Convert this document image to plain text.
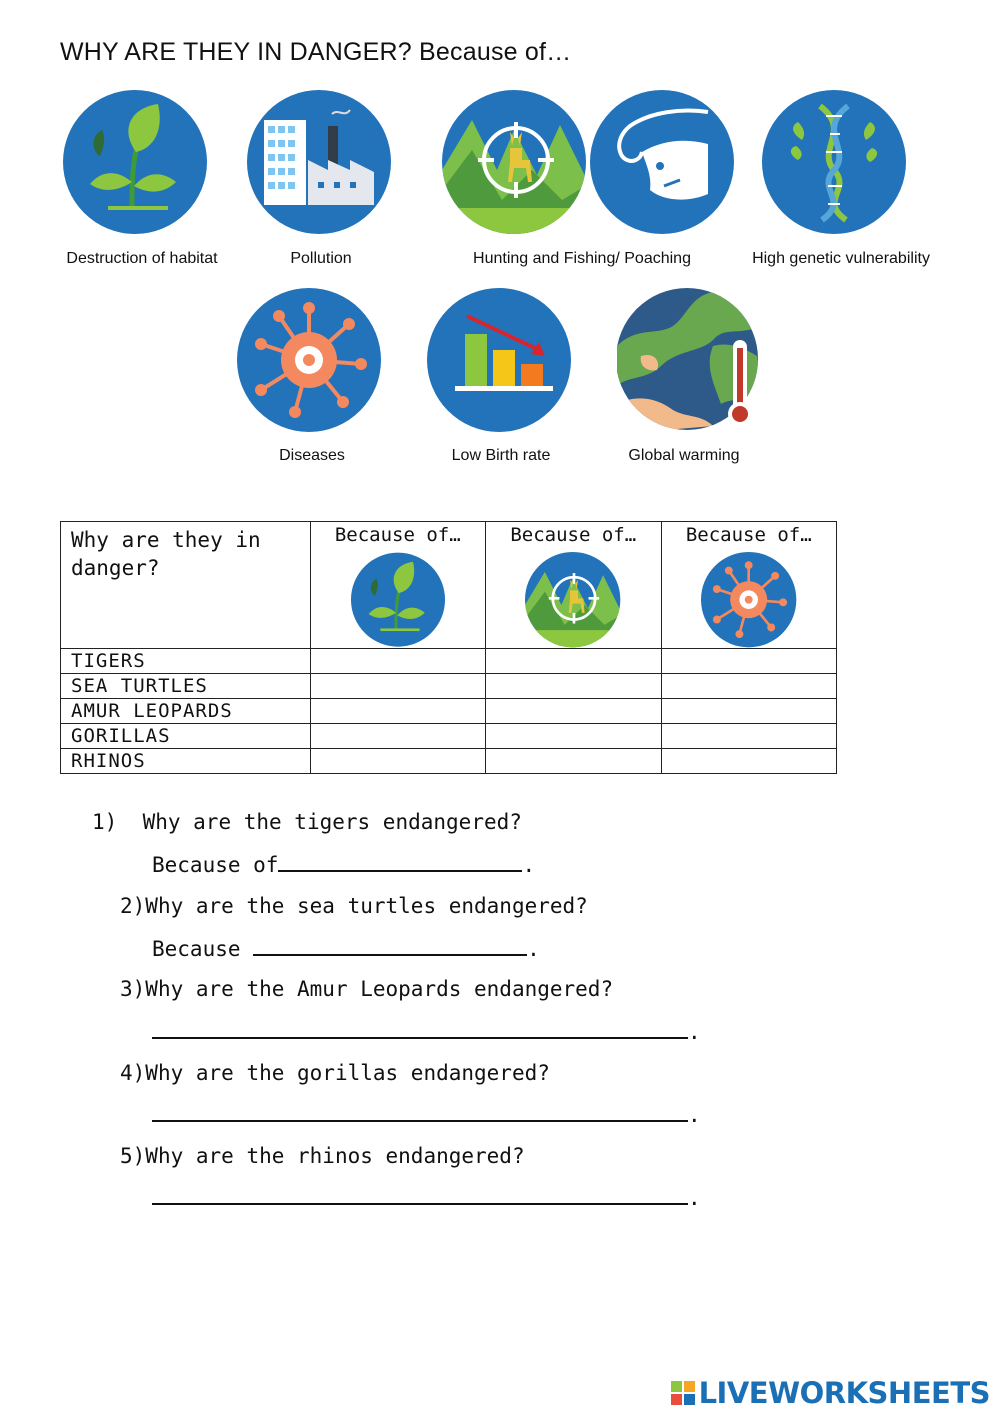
WHY ARE THEY IN DANGER? Because of…
Destruction of habitat	Pollution	Hunting and Fishing/ Poaching	High genetic vulnerability
Diseases	Low Birth rate	Global warming
Why are they in danger?	Because of…	Because of…	Because of…

TIGERS			
SEA TURTLES			
AMUR LEOPARDS			
GORILLAS			
RHINOS			
1) Why are the tigers endangered?
Because of	.
2)Why are the sea turtles endangered?
Because	.
3)Why are the Amur Leopards endangered?
.
4)Why are the gorillas endangered?
.
5)Why are the rhinos endangered?
.
LIVEWORKSHEETS
